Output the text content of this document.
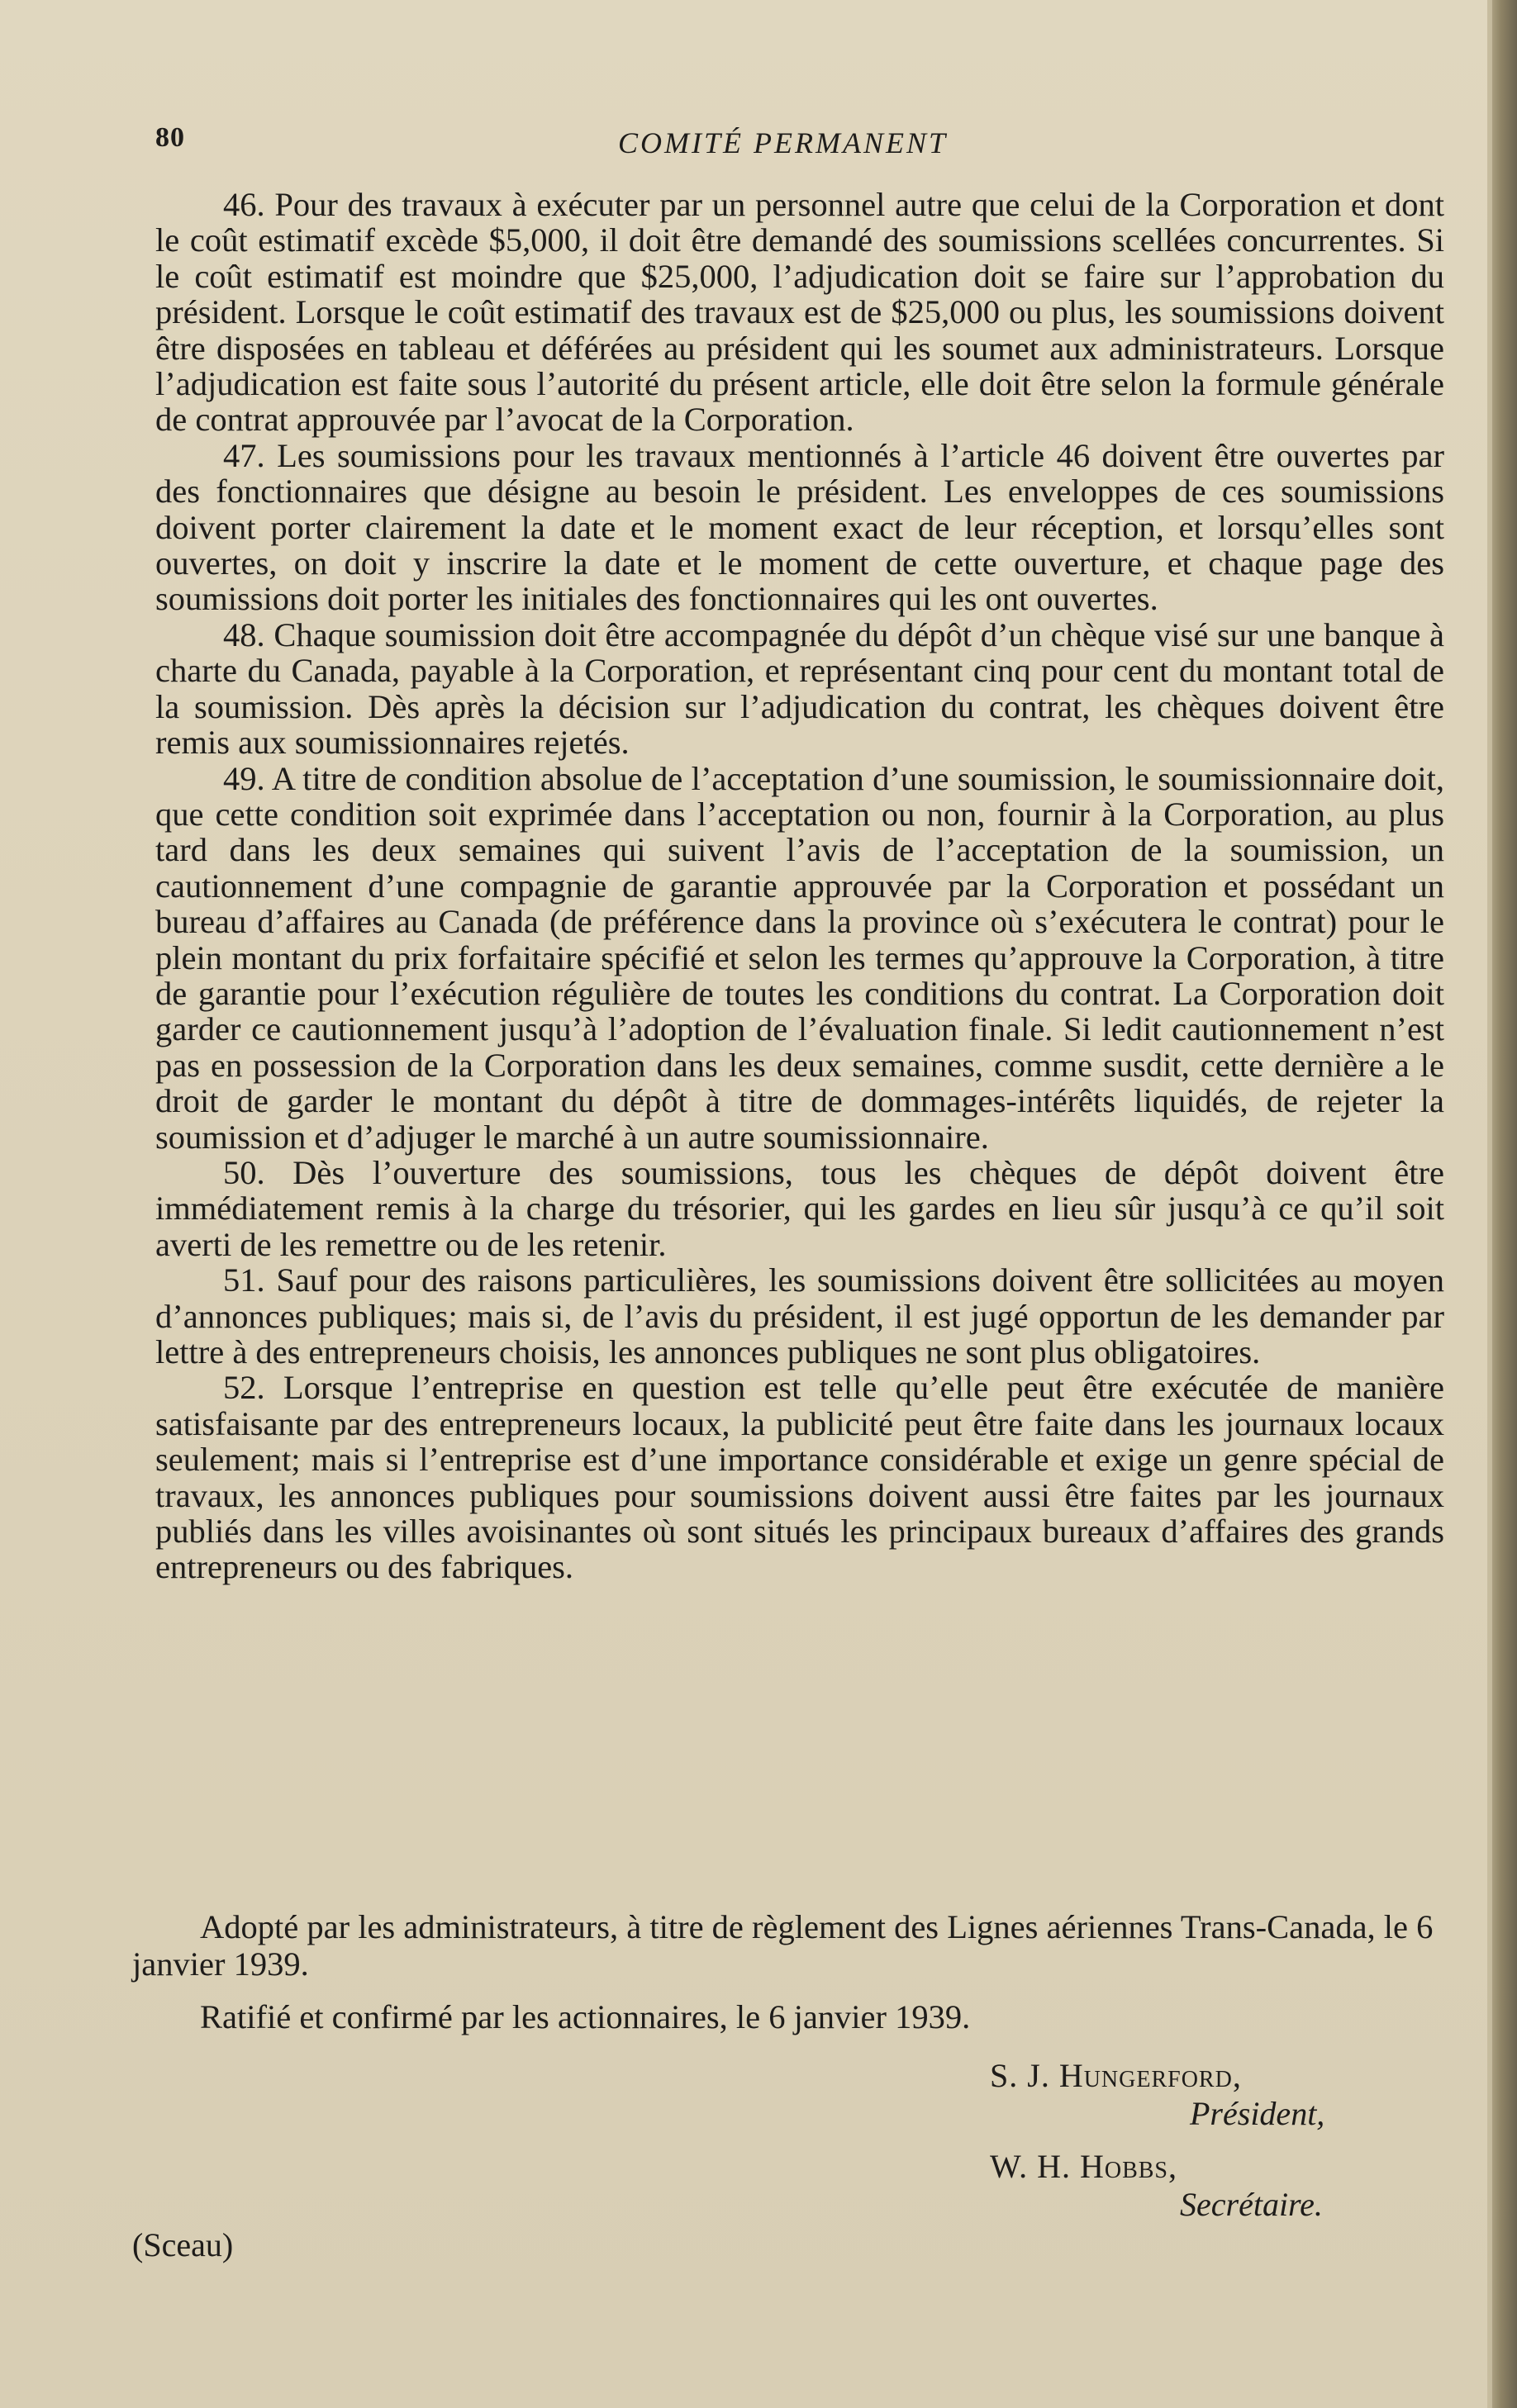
80	COMITÉ PERMANENT

46. Pour des travaux à exécuter par un personnel autre que celui de la Corporation et dont le coût estimatif excède $5,000, il doit être demandé des soumissions scellées concurrentes. Si le coût estimatif est moindre que $25,000, l’adjudication doit se faire sur l’approbation du président. Lorsque le coût estimatif des travaux est de $25,000 ou plus, les soumissions doivent être disposées en tableau et déférées au président qui les soumet aux administrateurs. Lorsque l’adjudication est faite sous l’autorité du présent article, elle doit être selon la formule générale de contrat approuvée par l’avocat de la Corporation.

47. Les soumissions pour les travaux mentionnés à l’article 46 doivent être ouvertes par des fonctionnaires que désigne au besoin le président. Les enveloppes de ces soumissions doivent porter clairement la date et le moment exact de leur réception, et lorsqu’elles sont ouvertes, on doit y inscrire la date et le moment de cette ouverture, et chaque page des soumissions doit porter les initiales des fonctionnaires qui les ont ouvertes.

48. Chaque soumission doit être accompagnée du dépôt d’un chèque visé sur une banque à charte du Canada, payable à la Corporation, et représentant cinq pour cent du montant total de la soumission. Dès après la décision sur l’adjudication du contrat, les chèques doivent être remis aux soumissionnaires rejetés.

49. A titre de condition absolue de l’acceptation d’une soumission, le soumissionnaire doit, que cette condition soit exprimée dans l’acceptation ou non, fournir à la Corporation, au plus tard dans les deux semaines qui suivent l’avis de l’acceptation de la soumission, un cautionnement d’une compagnie de garantie approuvée par la Corporation et possédant un bureau d’affaires au Canada (de préférence dans la province où s’exécutera le contrat) pour le plein montant du prix forfaitaire spécifié et selon les termes qu’approuve la Corporation, à titre de garantie pour l’exécution régulière de toutes les conditions du contrat. La Corporation doit garder ce cautionnement jusqu’à l’adoption de l’évaluation finale. Si ledit cautionnement n’est pas en possession de la Corporation dans les deux semaines, comme susdit, cette dernière a le droit de garder le montant du dépôt à titre de dommages-intérêts liquidés, de rejeter la soumission et d’adjuger le marché à un autre soumissionnaire.

50. Dès l’ouverture des soumissions, tous les chèques de dépôt doivent être immédiatement remis à la charge du trésorier, qui les gardes en lieu sûr jusqu’à ce qu’il soit averti de les remettre ou de les retenir.

51. Sauf pour des raisons particulières, les soumissions doivent être sollicitées au moyen d’annonces publiques; mais si, de l’avis du président, il est jugé opportun de les demander par lettre à des entrepreneurs choisis, les annonces publiques ne sont plus obligatoires.

52. Lorsque l’entreprise en question est telle qu’elle peut être exécutée de manière satisfaisante par des entrepreneurs locaux, la publicité peut être faite dans les journaux locaux seulement; mais si l’entreprise est d’une importance considérable et exige un genre spécial de travaux, les annonces publiques pour soumissions doivent aussi être faites par les journaux publiés dans les villes avoisinantes où sont situés les principaux bureaux d’affaires des grands entrepreneurs ou des fabriques.

Adopté par les administrateurs, à titre de règlement des Lignes aériennes Trans-Canada, le 6 janvier 1939.

Ratifié et confirmé par les actionnaires, le 6 janvier 1939.
S. J. Hungerford,
Président,
W. H. Hobbs,
Secrétaire.
(Sceau)
